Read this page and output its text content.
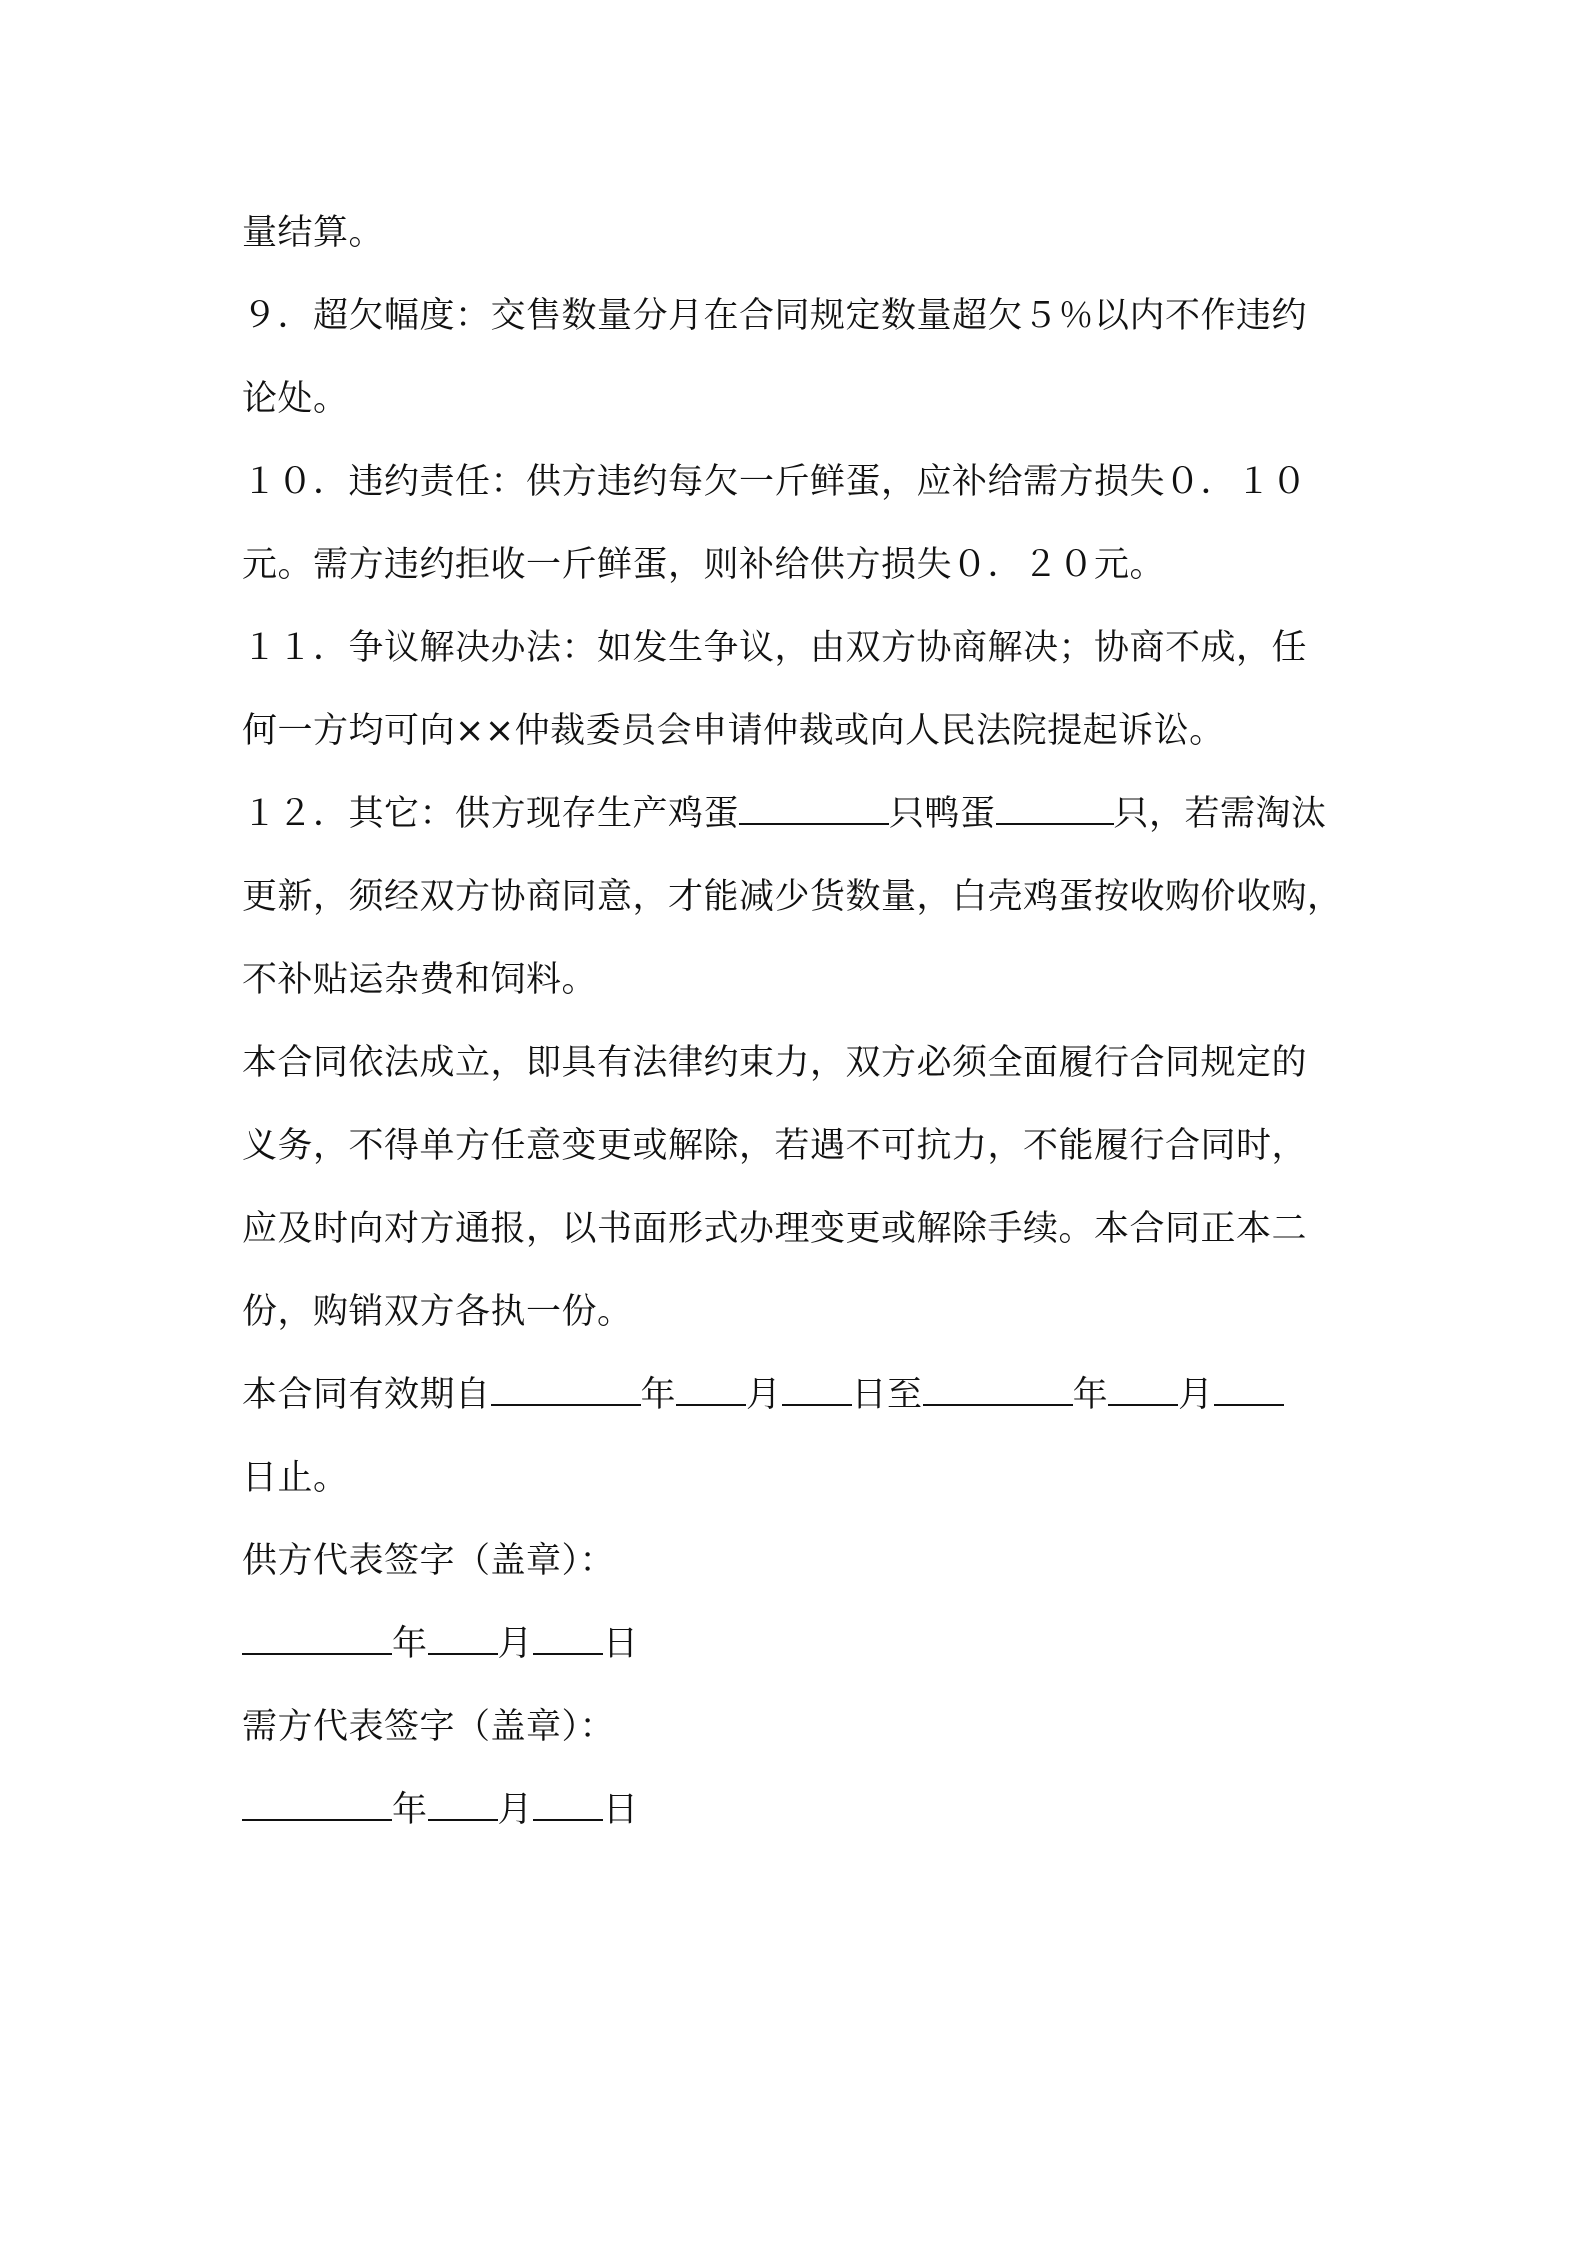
量结算。
９．超欠幅度：交售数量分月在合同规定数量超欠５％以内不作违约
论处。
１０．违约责任：供方违约每欠一斤鲜蛋，应补给需方损失０．１０
元。需方违约拒收一斤鲜蛋，则补给供方损失０．２０元。
１１．争议解决办法：如发生争议，由双方协商解决；协商不成，任
何一方均可向××仲裁委员会申请仲裁或向人民法院提起诉讼。
１２．其它：供方现存生产鸡蛋	只鸭蛋	只，若需淘汰
更新，须经双方协商同意，才能减少货数量，白壳鸡蛋按收购价收购，
不补贴运杂费和饲料。
本合同依法成立，即具有法律约束力，双方必须全面履行合同规定的
义务，不得单方任意变更或解除，若遇不可抗力，不能履行合同时，
应及时向对方通报，以书面形式办理变更或解除手续。本合同正本二
份，购销双方各执一份。
本合同有效期自	年 月 日至	年 月
日止。
供方代表签字（盖章）：
年 月 日
需方代表签字（盖章）：
年 月 日
